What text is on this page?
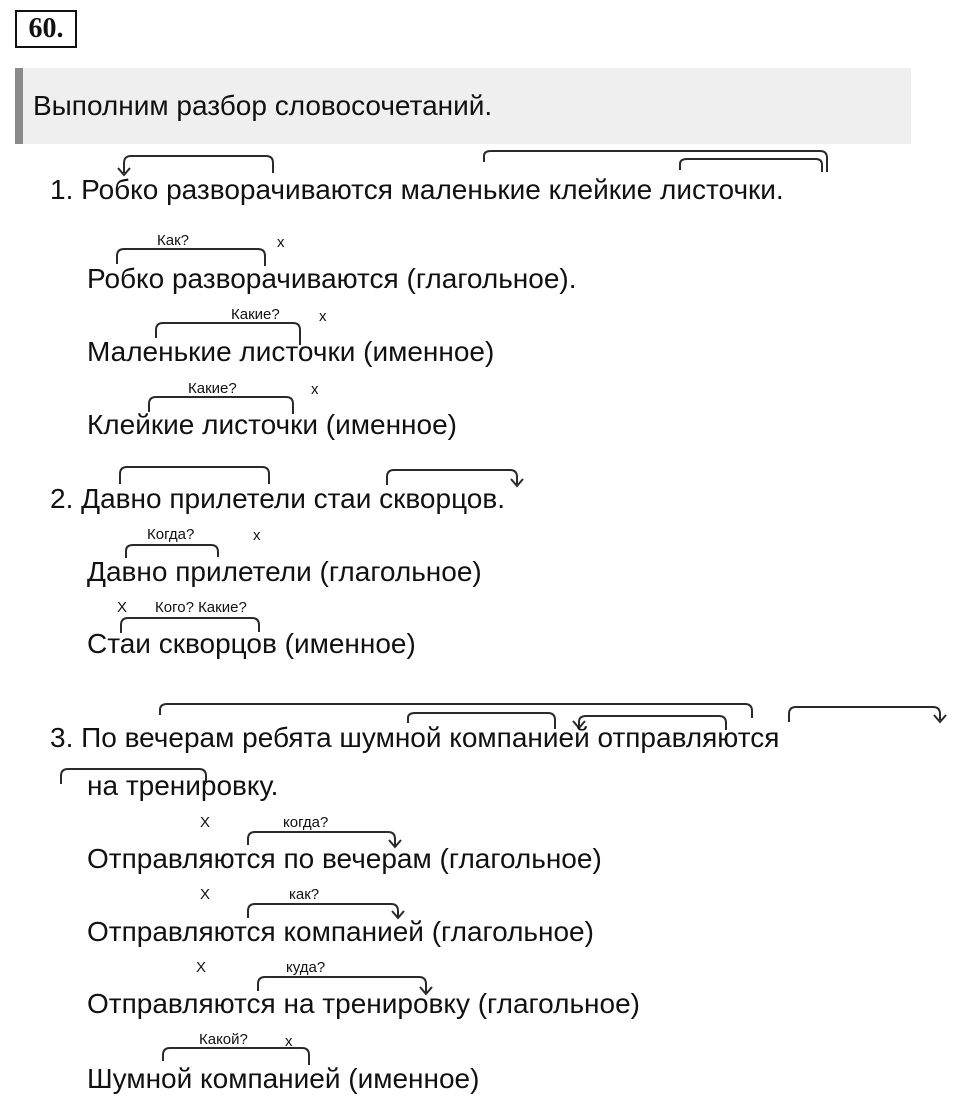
60.
Выполним разбор словосочетаний.
1. Робко разворачиваются маленькие клейкие листочки.
Как?	x
Робко разворачиваются (глагольное).
Какие?	x
Маленькие листочки (именное)
Какие?	x
Клейкие листочки (именное)
2. Давно прилетели стаи скворцов.
Когда?	x
Давно прилетели (глагольное)
X Кого? Какие?
Стаи скворцов (именное)
3. По вечерам ребята шумной компанией отправляются
на тренировку.
X	когда?
Отправляются по вечерам (глагольное)
X	как?
Отправляются компанией (глагольное)
X	куда?
Отправляются на тренировку (глагольное)
Какой? x
Шумной компанией (именное)
